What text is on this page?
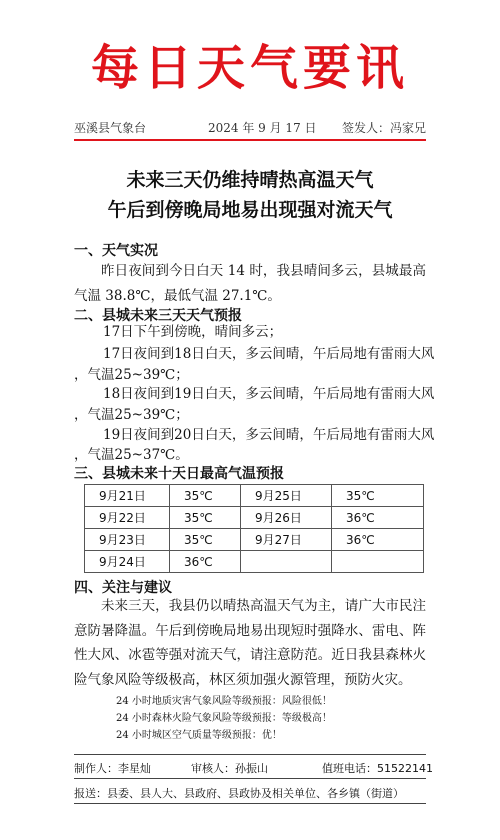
每日天气要讯
巫溪县气象台	2024 年 9 月 17 日 签发人：冯家兄
未来三天仍维持晴热高温天气
午后到傍晚局地易出现强对流天气
一、天气实况
昨日夜间到今日白天 14 时，我县晴间多云，县城最高气温 38.8℃，最低气温 27.1℃。
二、县城未来三天天气预报
17日下午到傍晚，晴间多云；
17日夜间到18日白天，多云间晴，午后局地有雷雨大风
，气温25~39℃；
18日夜间到19日白天，多云间晴，午后局地有雷雨大风
，气温25~39℃；
19日夜间到20日白天，多云间晴，午后局地有雷雨大风
，气温25~37℃。
三、县城未来十天日最高气温预报
9月21日	35℃	9月25日	35℃
9月22日	35℃	9月26日	36℃
9月23日	35℃	9月27日	36℃
9月24日	36℃		
四、关注与建议
未来三天，我县仍以晴热高温天气为主，请广大市民注意防暑降温。午后到傍晚局地易出现短时强降水、雷电、阵性大风、冰雹等强对流天气，请注意防范。近日我县森林火险气象风险等级极高，林区须加强火源管理，预防火灾。
24 小时地质灾害气象风险等级预报：风险很低！
24 小时森林火险气象风险等级预报：等级极高！
24 小时城区空气质量等级预报：优！
制作人：李星灿	审核人：孙振山	值班电话：51522141
报送：县委、县人大、县政府、县政协及相关单位、各乡镇（街道）
